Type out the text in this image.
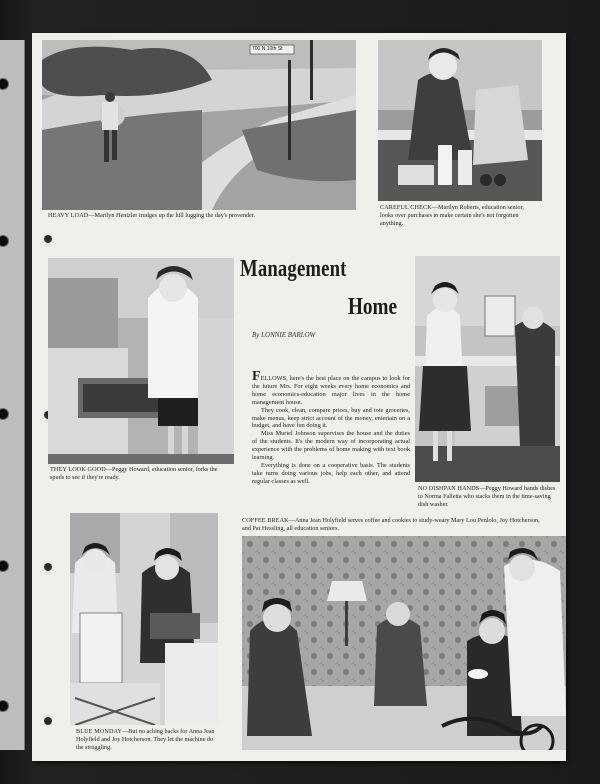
700 N 10th St
HEAVY LOAD—Marilyn Hentzler trudges up the hill lugging the day's provender.
CAREFUL CHECK—Marilyn Roberts, education senior, looks over purchases to make certain she's not forgotten anything.
THEY LOOK GOOD—Peggy Howard, education senior, forks the spuds to see if they're ready.
Management
Home
By LONNIE BARLOW

FELLOWS, here's the best place on the campus to look for the future Mrs. For eight weeks every home economics and home economics-education major lives in the home management house.

They cook, clean, compare prices, buy and tote groceries, make menus, keep strict account of the money, entertain on a budget, and have fun doing it.

Miss Muriel Johnson supervises the house and the duties of the students. It's the modern way of incorporating actual experience with the problems of home making with text book learning.

Everything is done on a cooperative basis. The students take turns doing various jobs, help each other, and attend regular classes as well.

NO DISHPAN HANDS—Peggy Howard hands dishes to Norma Falletta who stacks them in the time-saving dish washer.
COFFEE BREAK—Anna Jean Holyfield serves coffee and cookies to study-weary Mary Lou Penlolo, Joy Hotcherson, and Pat Hessling, all education seniors.
BLUE MONDAY—But no aching backs for Anna Jean Holyfield and Joy Hotcherson. They let the machine do the struggling.
